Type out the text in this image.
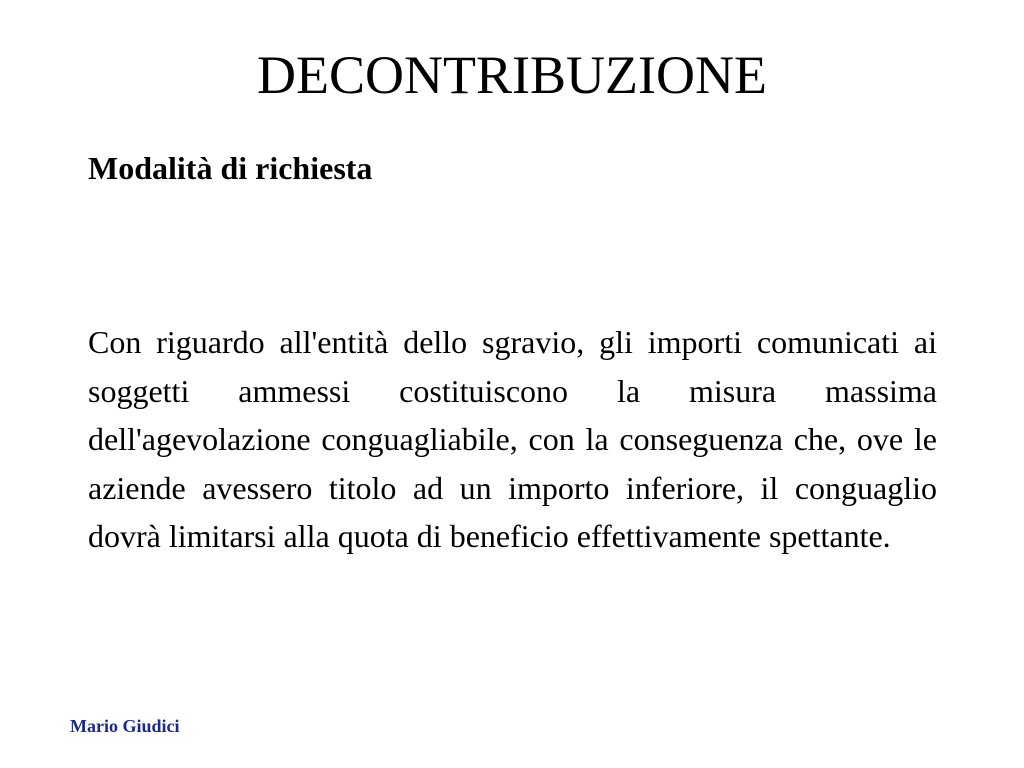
DECONTRIBUZIONE
Modalità di richiesta

Con riguardo all'entità dello sgravio, gli importi comunicati ai soggetti ammessi costituiscono la misura massima dell'agevolazione conguagliabile, con la conseguenza che, ove le aziende avessero titolo ad un importo inferiore, il conguaglio dovrà limitarsi alla quota di beneficio effettivamente spettante.

Mario Giudici
